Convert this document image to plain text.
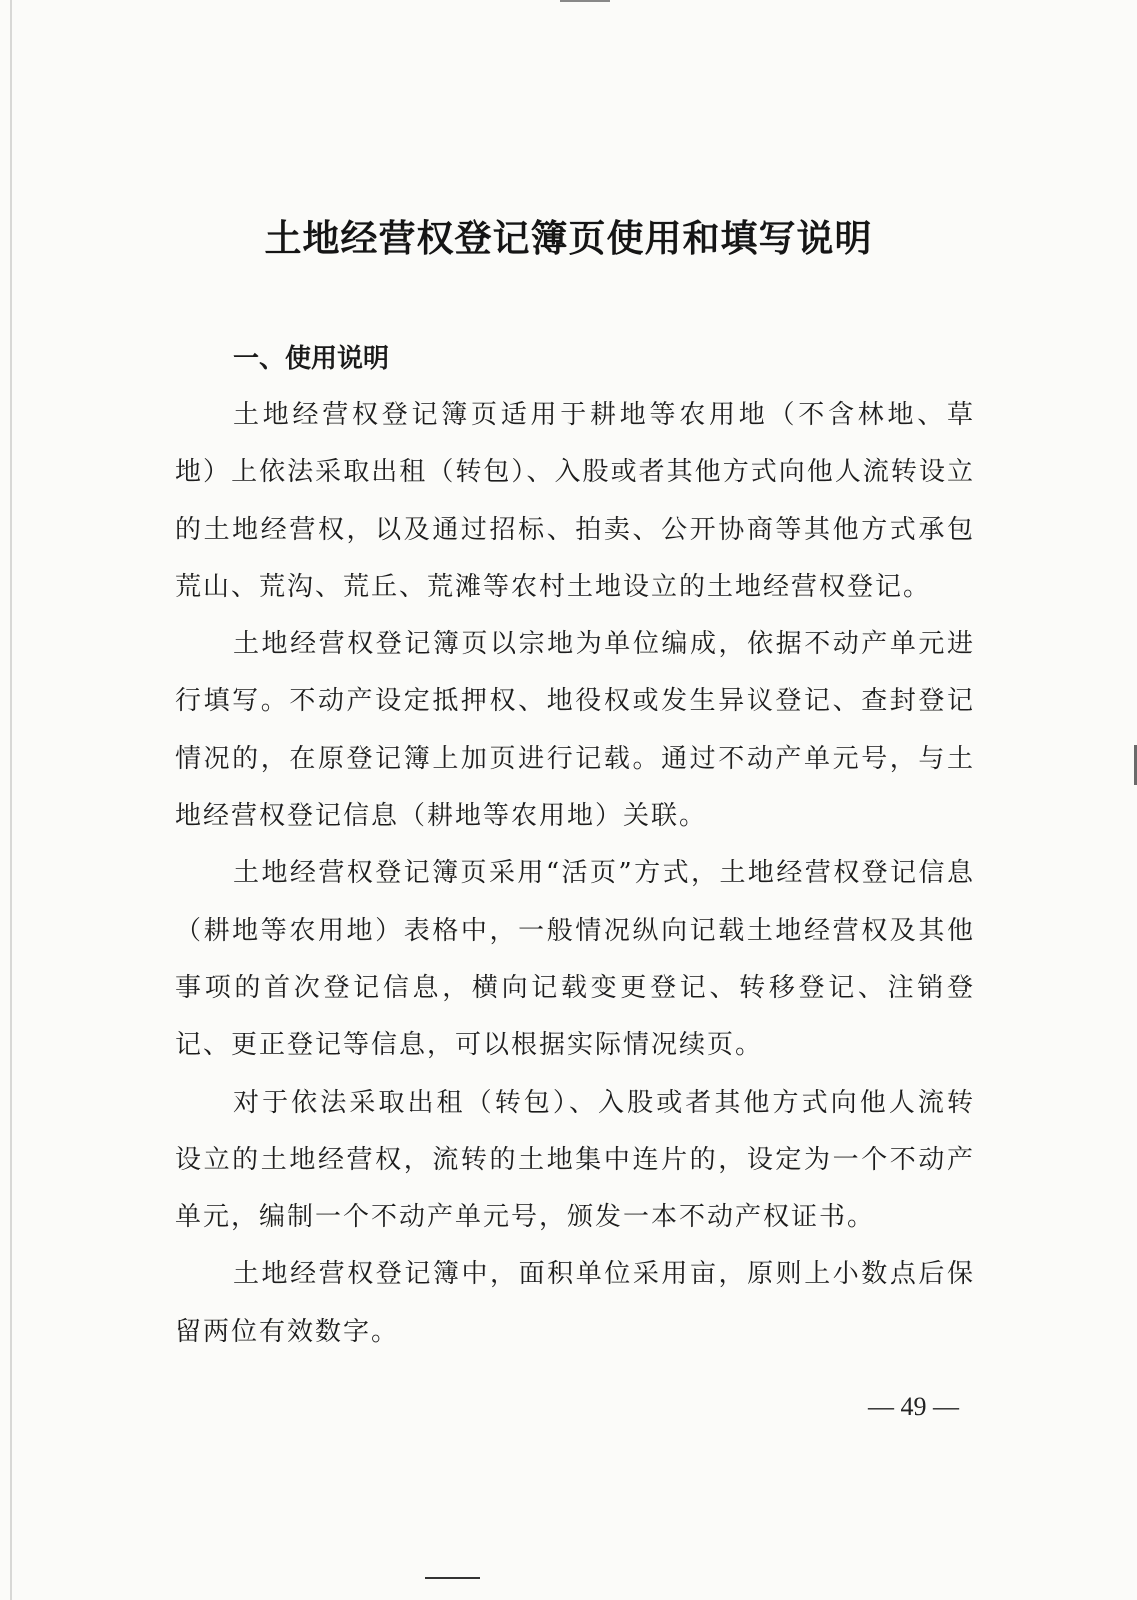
土地经营权登记簿页使用和填写说明
一、使用说明

土地经营权登记簿页适用于耕地等农用地（不含林地、草地）上依法采取出租（转包）、入股或者其他方式向他人流转设立的土地经营权，以及通过招标、拍卖、公开协商等其他方式承包荒山、荒沟、荒丘、荒滩等农村土地设立的土地经营权登记。

土地经营权登记簿页以宗地为单位编成，依据不动产单元进行填写。不动产设定抵押权、地役权或发生异议登记、查封登记情况的，在原登记簿上加页进行记载。通过不动产单元号，与土地经营权登记信息（耕地等农用地）关联。

土地经营权登记簿页采用“活页”方式，土地经营权登记信息（耕地等农用地）表格中，一般情况纵向记载土地经营权及其他事项的首次登记信息，横向记载变更登记、转移登记、注销登记、更正登记等信息，可以根据实际情况续页。

对于依法采取出租（转包）、入股或者其他方式向他人流转设立的土地经营权，流转的土地集中连片的，设定为一个不动产单元，编制一个不动产单元号，颁发一本不动产权证书。

土地经营权登记簿中，面积单位采用亩，原则上小数点后保留两位有效数字。

— 49 —
